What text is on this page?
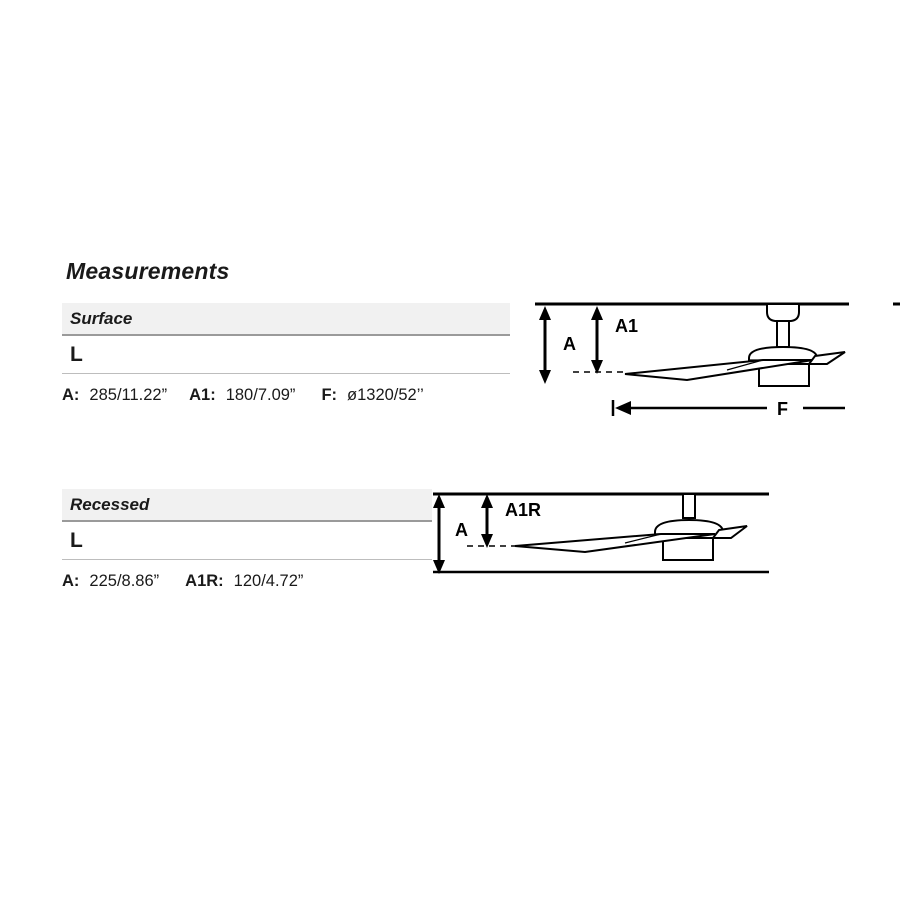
Measurements
Surface
L
A: 285/11.22” A1: 180/7.09” F: ø1320/52’’
A
A1
F
Recessed
L
A: 225/8.86” A1R: 120/4.72”
A
A1R
